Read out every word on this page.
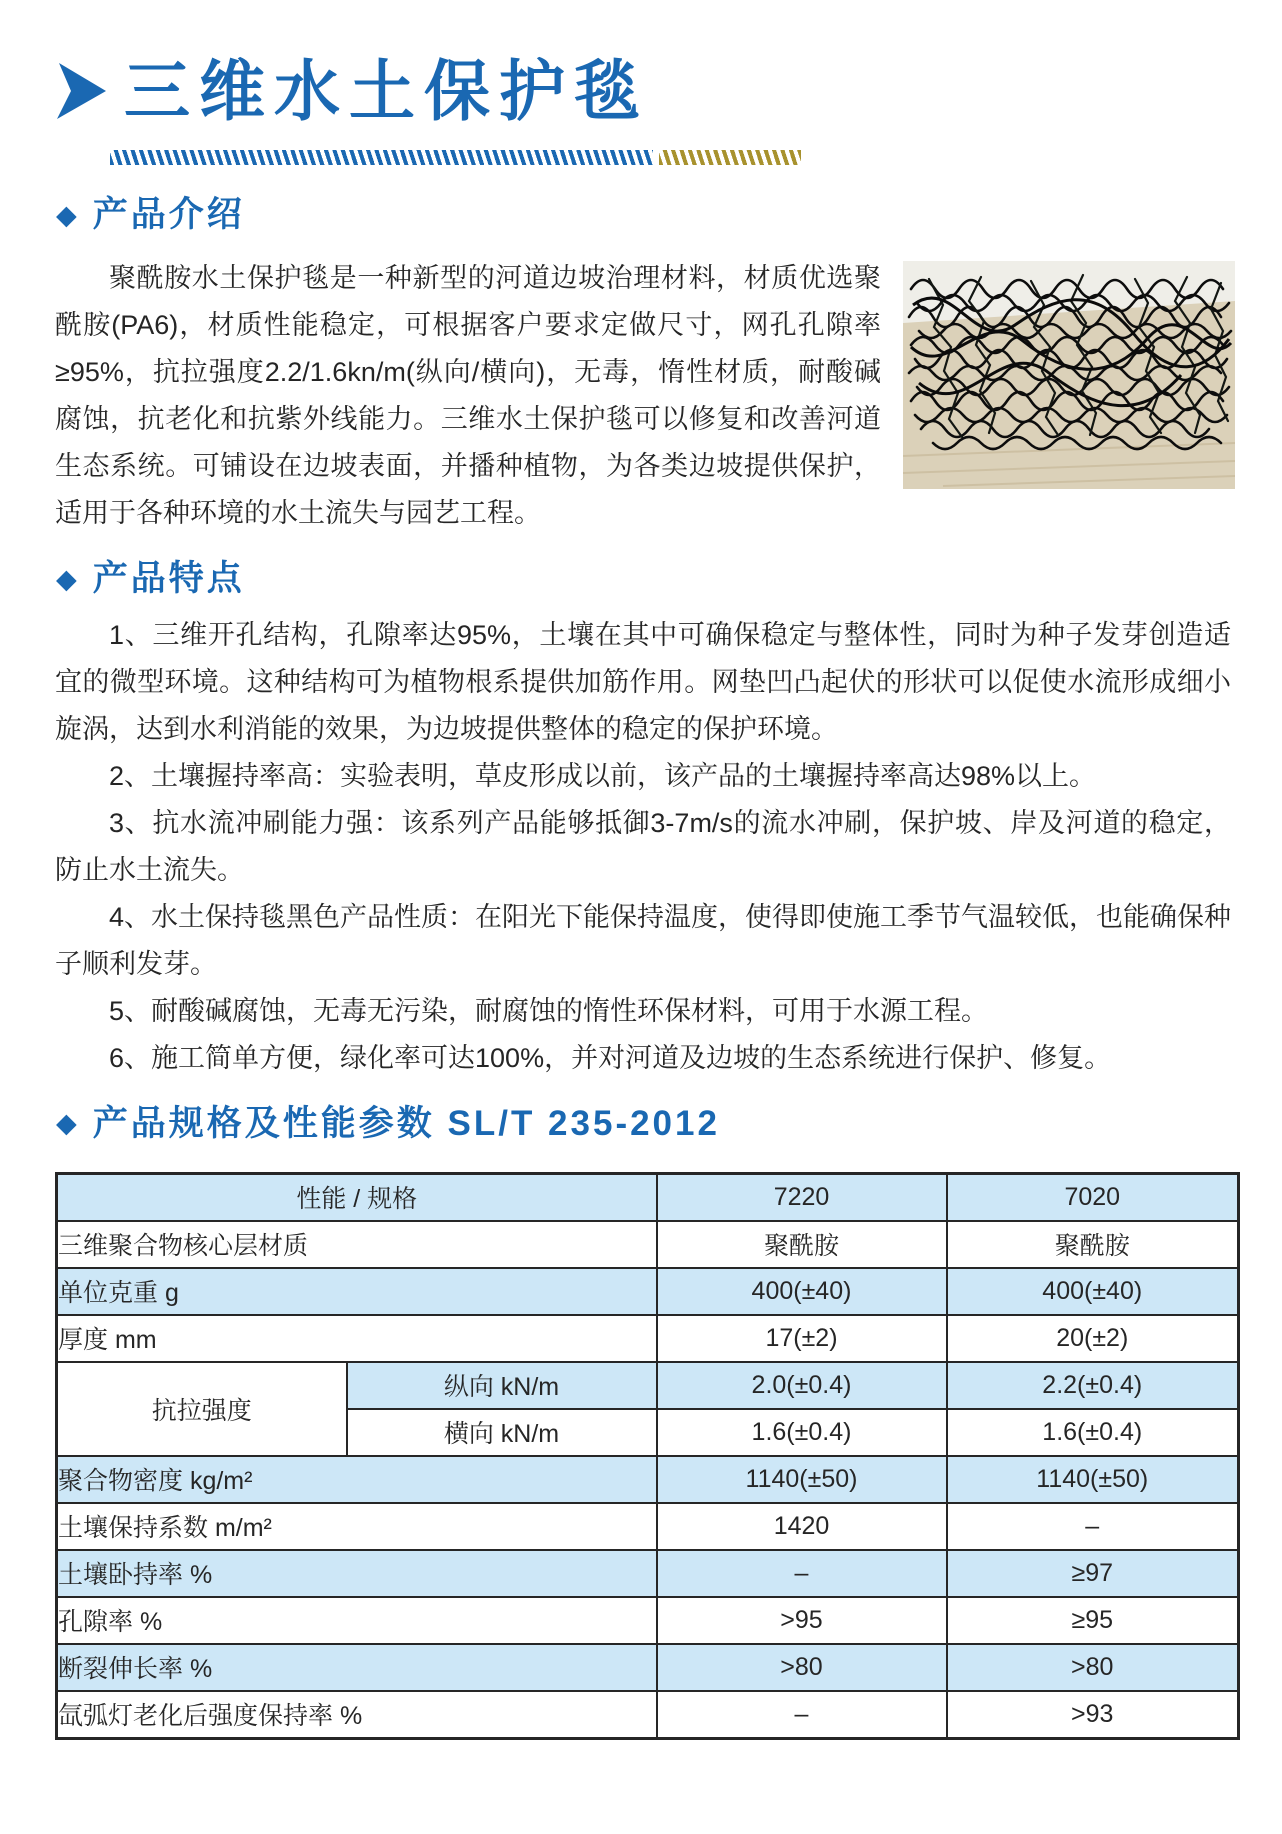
三维水土保护毯
◆ 产品介绍

聚酰胺水土保护毯是一种新型的河道边坡治理材料，材质优选聚酰胺(PA6)，材质性能稳定，可根据客户要求定做尺寸，网孔孔隙率≥95%，抗拉强度2.2/1.6kn/m(纵向/横向)，无毒，惰性材质，耐酸碱腐蚀，抗老化和抗紫外线能力。三维水土保护毯可以修复和改善河道生态系统。可铺设在边坡表面，并播种植物，为各类边坡提供保护，适用于各种环境的水土流失与园艺工程。

◆ 产品特点

1、三维开孔结构，孔隙率达95%，土壤在其中可确保稳定与整体性，同时为种子发芽创造适宜的微型环境。这种结构可为植物根系提供加筋作用。网垫凹凸起伏的形状可以促使水流形成细小旋涡，达到水利消能的效果，为边坡提供整体的稳定的保护环境。

2、土壤握持率高：实验表明，草皮形成以前，该产品的土壤握持率高达98%以上。

3、抗水流冲刷能力强：该系列产品能够抵御3-7m/s的流水冲刷，保护坡、岸及河道的稳定，防止水土流失。

4、水土保持毯黑色产品性质：在阳光下能保持温度，使得即使施工季节气温较低，也能确保种子顺利发芽。

5、耐酸碱腐蚀，无毒无污染，耐腐蚀的惰性环保材料，可用于水源工程。

6、施工简单方便，绿化率可达100%，并对河道及边坡的生态系统进行保护、修复。

◆ 产品规格及性能参数 SL/T 235-2012
性能 / 规格		7220	7020
三维聚合物核心层材质		聚酰胺	聚酰胺
单位克重 g		400(±40)	400(±40)
厚度 mm		17(±2)	20(±2)
抗拉强度	纵向 kN/m	2.0(±0.4)	2.2(±0.4)
	横向 kN/m	1.6(±0.4)	1.6(±0.4)
聚合物密度 kg/m²		1140(±50)	1140(±50)
土壤保持系数 m/m²		1420	–
土壤卧持率 %		–	≥97
孔隙率 %		>95	≥95
断裂伸长率 %		>80	>80
氙弧灯老化后强度保持率 %		–	>93
